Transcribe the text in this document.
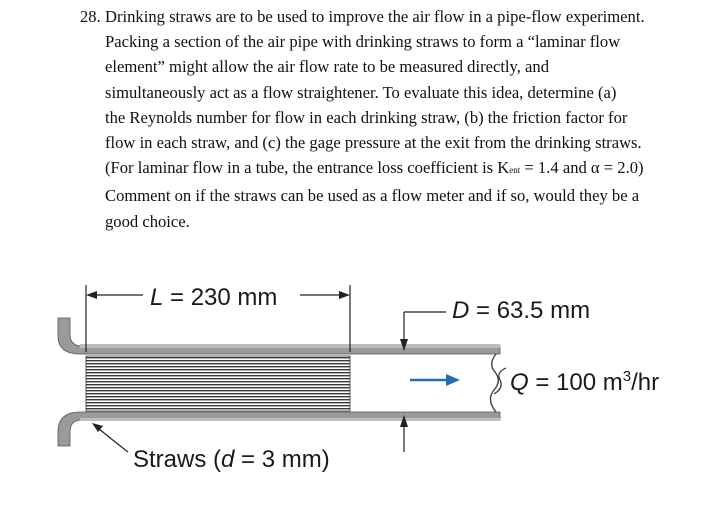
28. Drinking straws are to be used to improve the air flow in a pipe-flow experiment.
Packing a section of the air pipe with drinking straws to form a “laminar flow
element” might allow the air flow rate to be measured directly, and
simultaneously act as a flow straightener. To evaluate this idea, determine (a)
the Reynolds number for flow in each drinking straw, (b) the friction factor for
flow in each straw, and (c) the gage pressure at the exit from the drinking straws.
(For laminar flow in a tube, the entrance loss coefficient is Kent = 1.4 and α = 2.0)
Comment on if the straws can be used as a flow meter and if so, would they be a
good choice.
L = 230 mm	D = 63.5 mm
Q = 100 $m^3/hr$
Straws (d = 3 mm)
